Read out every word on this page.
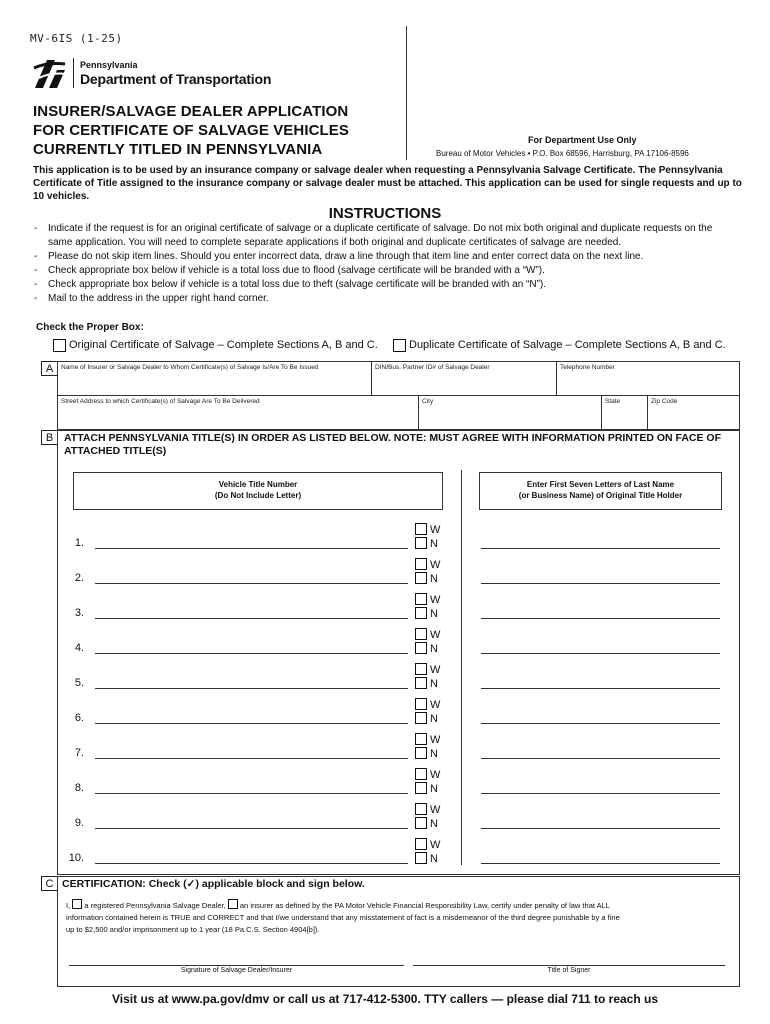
MV-6IS (1-25)
Pennsylvania
Department of Transportation
INSURER/SALVAGE DEALER APPLICATION
FOR CERTIFICATE OF SALVAGE VEHICLES
CURRENTLY TITLED IN PENNSYLVANIA
For Department Use Only
Bureau of Motor Vehicles • P.O. Box 68596, Harrisburg, PA 17106-8596
This application is to be used by an insurance company or salvage dealer when requesting a Pennsylvania Salvage Certificate. The Pennsylvania Certificate of Title assigned to the insurance company or salvage dealer must be attached. This application can be used for single requests and up to 10 vehicles.
INSTRUCTIONS
- Indicate if the request is for an original certificate of salvage or a duplicate certificate of salvage. Do not mix both original and duplicate requests on the same application. You will need to complete separate applications if both original and duplicate certificates of salvage are needed.
- Please do not skip item lines. Should you enter incorrect data, draw a line through that item line and enter correct data on the next line.
- Check appropriate box below if vehicle is a total loss due to flood (salvage certificate will be branded with a “W”).
- Check appropriate box below if vehicle is a total loss due to theft (salvage certificate will be branded with an “N”).
- Mail to the address in the upper right hand corner.
Check the Proper Box:
Original Certificate of Salvage – Complete Sections A, B and C.	Duplicate Certificate of Salvage – Complete Sections A, B and C.
A	Name of Insurer or Salvage Dealer to Whom Certificate(s) of Salvage Is/Are To Be Issued	DIN/Bus. Partner ID# of Salvage Dealer	Telephone Number
Street Address to which Certificate(s) of Salvage Are To Be Delivered	City	State	Zip Code
B	ATTACH PENNSYLVANIA TITLE(S) IN ORDER AS LISTED BELOW. NOTE: MUST AGREE WITH INFORMATION PRINTED ON FACE OF ATTACHED TITLE(S)
Vehicle Title Number
(Do Not Include Letter)
Enter First Seven Letters of Last Name
(or Business Name) of Original Title Holder
1.
W
N
2.
W
N
3.
W
N
4.
W
N
5.
W
N
6.
W
N
7.
W
N
8.
W
N
9.
W
N
10.
W
N
C CERTIFICATION: Check (✓) applicable block and sign below.
I, a registered Pennsylvania Salvage Dealer, an insurer as defined by the PA Motor Vehicle Financial Responsibility Law, certify under penalty of law that ALL
information contained herein is TRUE and CORRECT and that I/we understand that any misstatement of fact is a misdemeanor of the third degree punishable by a fine
up to $2,500 and/or imprisonment up to 1 year (18 Pa.C.S. Section 4904[b]).
Signature of Salvage Dealer/Insurer	Title of Signer
Visit us at www.pa.gov/dmv or call us at 717-412-5300. TTY callers — please dial 711 to reach us
